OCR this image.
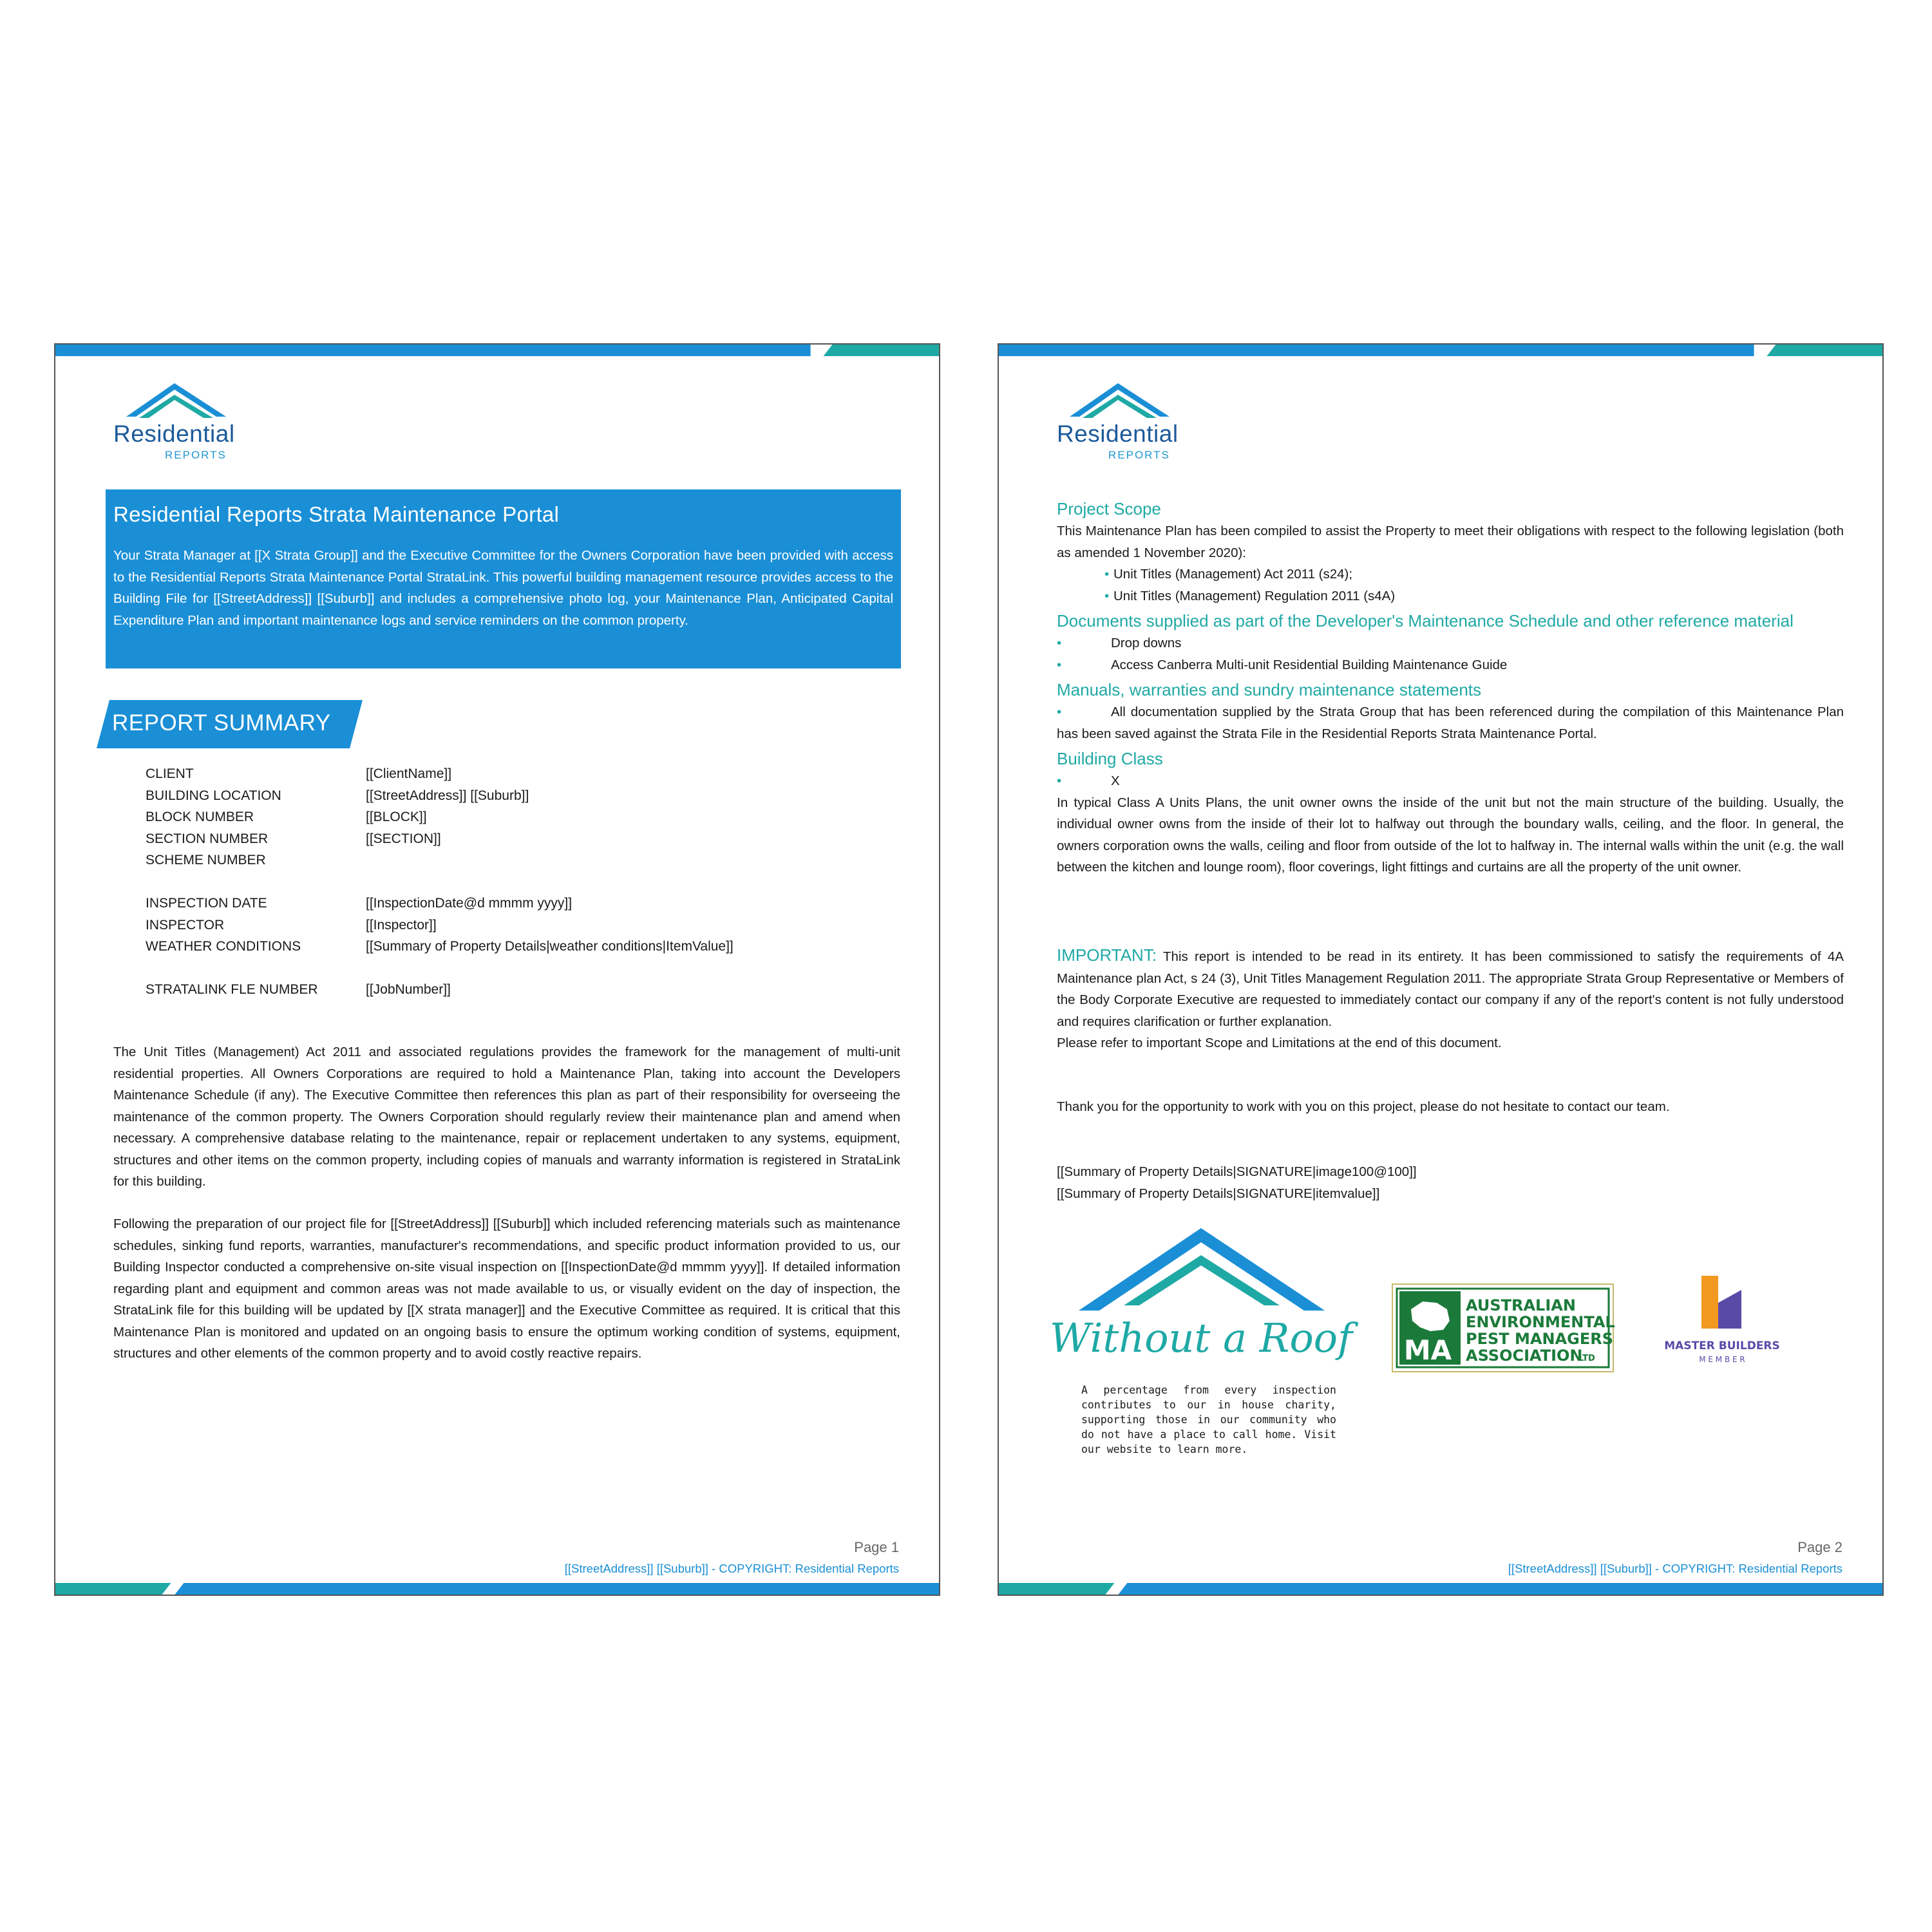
Residential
REPORTS
Residential Reports Strata Maintenance Portal
Your Strata Manager at [[X Strata Group]] and the Executive Committee for the Owners Corporation have been provided with access to the Residential Reports Strata Maintenance Portal StrataLink. This powerful building management resource provides access to the Building File for [[StreetAddress]] [[Suburb]] and includes a comprehensive photo log, your Maintenance Plan, Anticipated Capital Expenditure Plan and important maintenance logs and service reminders on the common property.
REPORT SUMMARY
CLIENT	[[ClientName]]
BUILDING LOCATION	[[StreetAddress]] [[Suburb]]
BLOCK NUMBER	[[BLOCK]]
SECTION NUMBER	[[SECTION]]
SCHEME NUMBER
INSPECTION DATE	[[InspectionDate@d mmmm yyyy]]
INSPECTOR	[[Inspector]]
WEATHER CONDITIONS	[[Summary of Property Details|weather conditions|ItemValue]]
STRATALINK FLE NUMBER	[[JobNumber]]
The Unit Titles (Management) Act 2011 and associated regulations provides the framework for the management of multi-unit residential properties. All Owners Corporations are required to hold a Maintenance Plan, taking into account the Developers Maintenance Schedule (if any). The Executive Committee then references this plan as part of their responsibility for overseeing the maintenance of the common property. The Owners Corporation should regularly review their maintenance plan and amend when necessary. A comprehensive database relating to the maintenance, repair or replacement undertaken to any systems, equipment, structures and other items on the common property, including copies of manuals and warranty information is registered in StrataLink for this building.
Following the preparation of our project file for [[StreetAddress]] [[Suburb]] which included referencing materials such as maintenance schedules, sinking fund reports, warranties, manufacturer's recommendations, and specific product information provided to us, our Building Inspector conducted a comprehensive on-site visual inspection on [[InspectionDate@d mmmm yyyy]]. If detailed information regarding plant and equipment and common areas was not made available to us, or visually evident on the day of inspection, the StrataLink file for this building will be updated by [[X strata manager]] and the Executive Committee as required. It is critical that this Maintenance Plan is monitored and updated on an ongoing basis to ensure the optimum working condition of systems, equipment, structures and other elements of the common property and to avoid costly reactive repairs.
Page 1
[[StreetAddress]] [[Suburb]] - COPYRIGHT: Residential Reports
Residential
REPORTS
Project Scope
This Maintenance Plan has been compiled to assist the Property to meet their obligations with respect to the following legislation (both as amended 1 November 2020):
• Unit Titles (Management) Act 2011 (s24);
• Unit Titles (Management) Regulation 2011 (s4A)
Documents supplied as part of the Developer's Maintenance Schedule and other reference material
•	Drop downs
•	Access Canberra Multi-unit Residential Building Maintenance Guide
Manuals, warranties and sundry maintenance statements
•	All documentation supplied by the Strata Group that has been referenced during the compilation of this Maintenance Plan has been saved against the Strata File in the Residential Reports Strata Maintenance Portal.
Building Class
•	X
In typical Class A Units Plans, the unit owner owns the inside of the unit but not the main structure of the building. Usually, the individual owner owns from the inside of their lot to halfway out through the boundary walls, ceiling, and the floor. In general, the owners corporation owns the walls, ceiling and floor from outside of the lot to halfway in. The internal walls within the unit (e.g. the wall between the kitchen and lounge room), floor coverings, light fittings and curtains are all the property of the unit owner.
IMPORTANT: This report is intended to be read in its entirety. It has been commissioned to satisfy the requirements of 4A Maintenance plan Act, s 24 (3), Unit Titles Management Regulation 2011. The appropriate Strata Group Representative or Members of the Body Corporate Executive are requested to immediately contact our company if any of the report's content is not fully understood and requires clarification or further explanation.
Please refer to important Scope and Limitations at the end of this document.
Thank you for the opportunity to work with you on this project, please do not hesitate to contact our team.
[[Summary of Property Details|SIGNATURE|image100@100]]
[[Summary of Property Details|SIGNATURE|itemvalue]]
Without a Roof
A percentage from every inspection contributes to our in house charity, supporting those in our community who do not have a place to call home. Visit our website to learn more.
MA
AUSTRALIAN
ENVIRONMENTAL
PEST MANAGERS
ASSOCIATION
LTD
MASTER BUILDERS
M E M B E R
Page 2
[[StreetAddress]] [[Suburb]] - COPYRIGHT: Residential Reports
